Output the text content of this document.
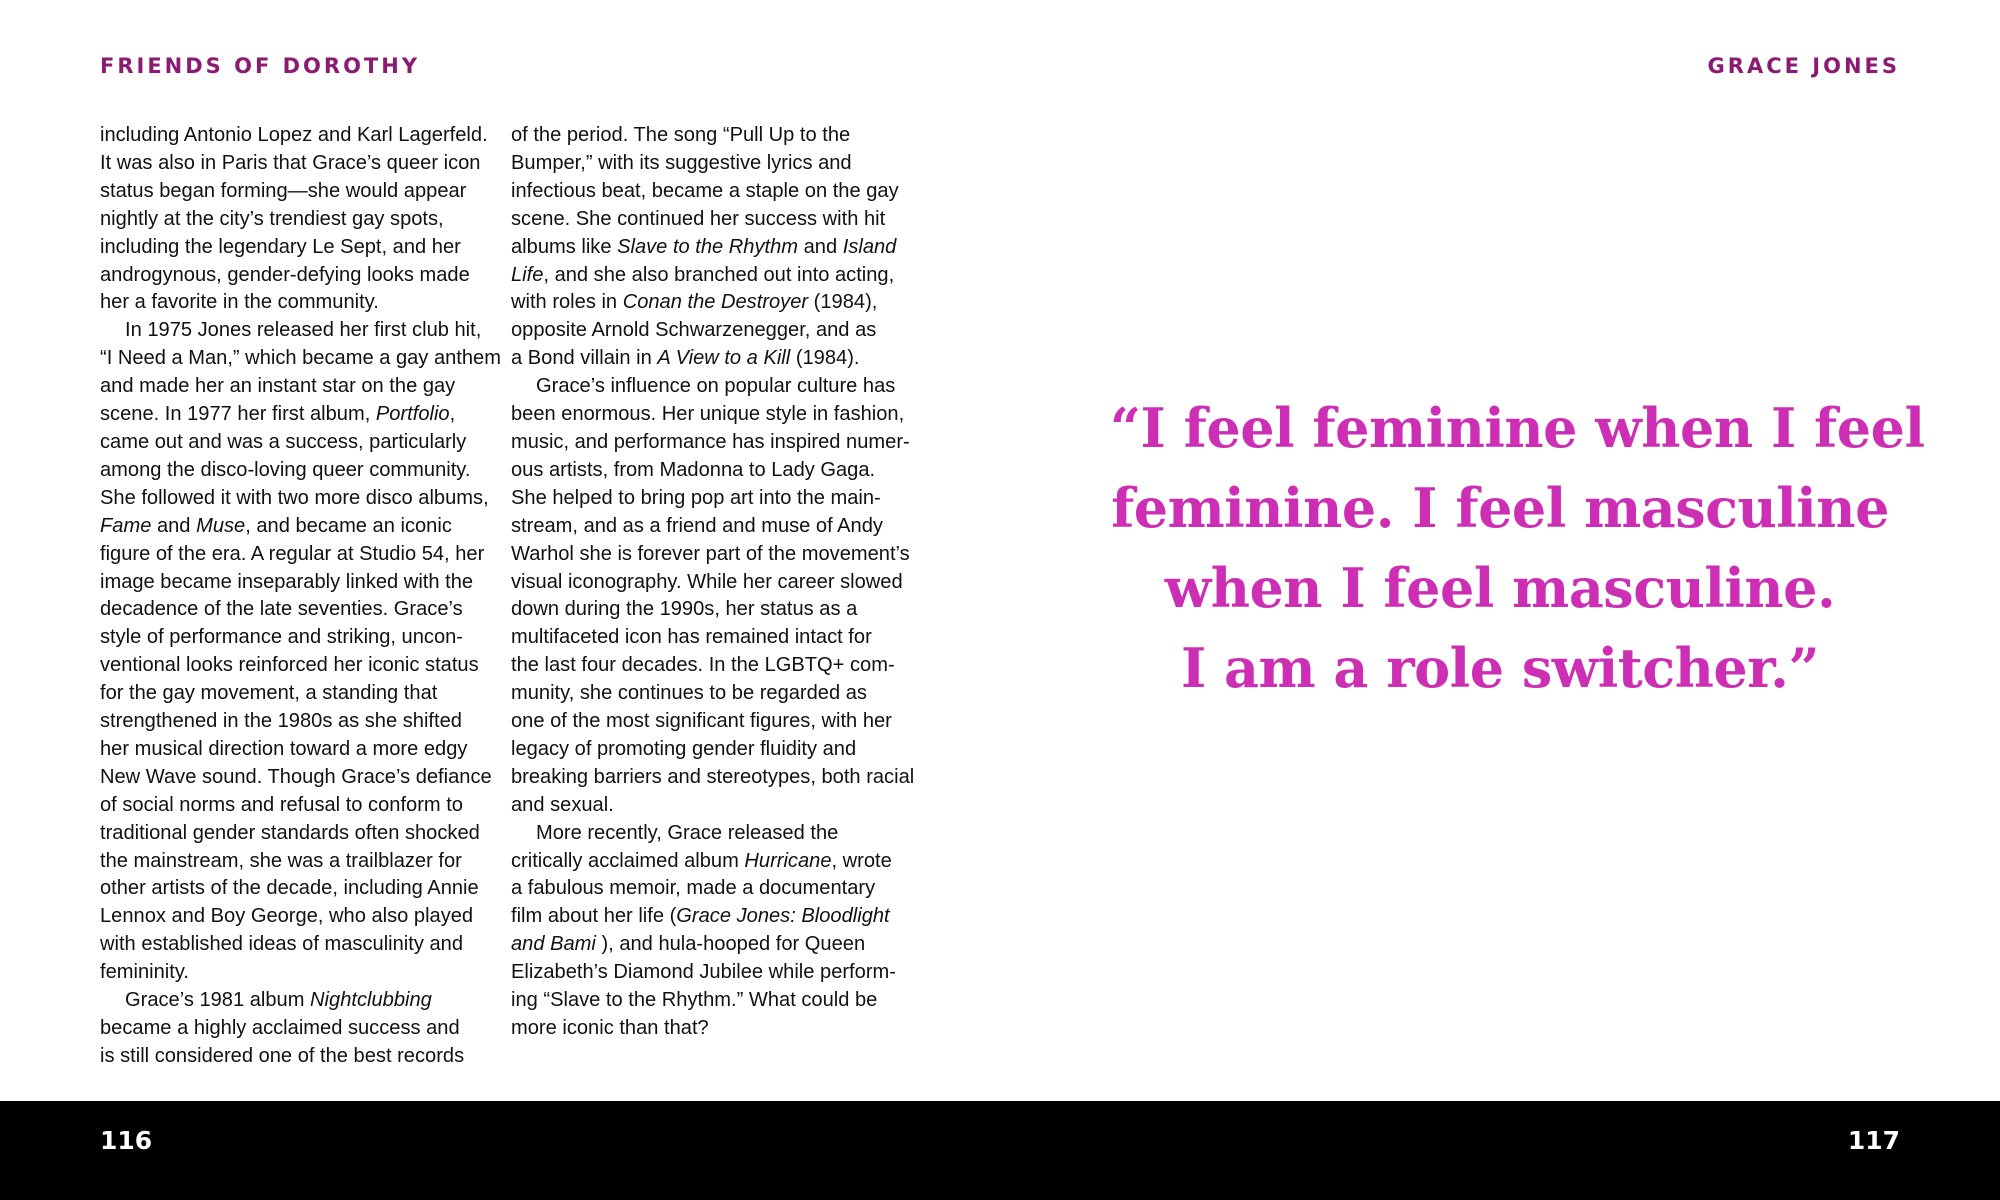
FRIENDS OF DOROTHY	GRACE JONES
including Antonio Lopez and Karl Lagerfeld.
It was also in Paris that Grace’s queer icon
status began forming—she would appear
nightly at the city’s trendiest gay spots,
including the legendary Le Sept, and her
androgynous, gender-defying looks made
her a favorite in the community.
In 1975 Jones released her first club hit,
“I Need a Man,” which became a gay anthem
and made her an instant star on the gay
scene. In 1977 her first album, Portfolio,
came out and was a success, particularly
among the disco-loving queer community.
She followed it with two more disco albums,
Fame and Muse, and became an iconic
figure of the era. A regular at Studio 54, her
image became inseparably linked with the
decadence of the late seventies. Grace’s
style of performance and striking, uncon-
ventional looks reinforced her iconic status
for the gay movement, a standing that
strengthened in the 1980s as she shifted
her musical direction toward a more edgy
New Wave sound. Though Grace’s defiance
of social norms and refusal to conform to
traditional gender standards often shocked
the mainstream, she was a trailblazer for
other artists of the decade, including Annie
Lennox and Boy George, who also played
with established ideas of masculinity and
femininity.
Grace’s 1981 album Nightclubbing
became a highly acclaimed success and
is still considered one of the best records
of the period. The song “Pull Up to the
Bumper,” with its suggestive lyrics and
infectious beat, became a staple on the gay
scene. She continued her success with hit
albums like Slave to the Rhythm and Island
Life, and she also branched out into acting,
with roles in Conan the Destroyer (1984),
opposite Arnold Schwarzenegger, and as
a Bond villain in A View to a Kill (1984).
Grace’s influence on popular culture has
been enormous. Her unique style in fashion,
music, and performance has inspired numer-
ous artists, from Madonna to Lady Gaga.
She helped to bring pop art into the main-
stream, and as a friend and muse of Andy
Warhol she is forever part of the movement’s
visual iconography. While her career slowed
down during the 1990s, her status as a
multifaceted icon has remained intact for
the last four decades. In the LGBTQ+ com-
munity, she continues to be regarded as
one of the most significant figures, with her
legacy of promoting gender fluidity and
breaking barriers and stereotypes, both racial
and sexual.
More recently, Grace released the
critically acclaimed album Hurricane, wrote
a fabulous memoir, made a documentary
film about her life (Grace Jones: Bloodlight
and Bami ), and hula-hooped for Queen
Elizabeth’s Diamond Jubilee while perform-
ing “Slave to the Rhythm.” What could be
more iconic than that?
“I feel feminine when I feel
feminine. I feel masculine
when I feel masculine.
I am a role switcher.”
116	117
